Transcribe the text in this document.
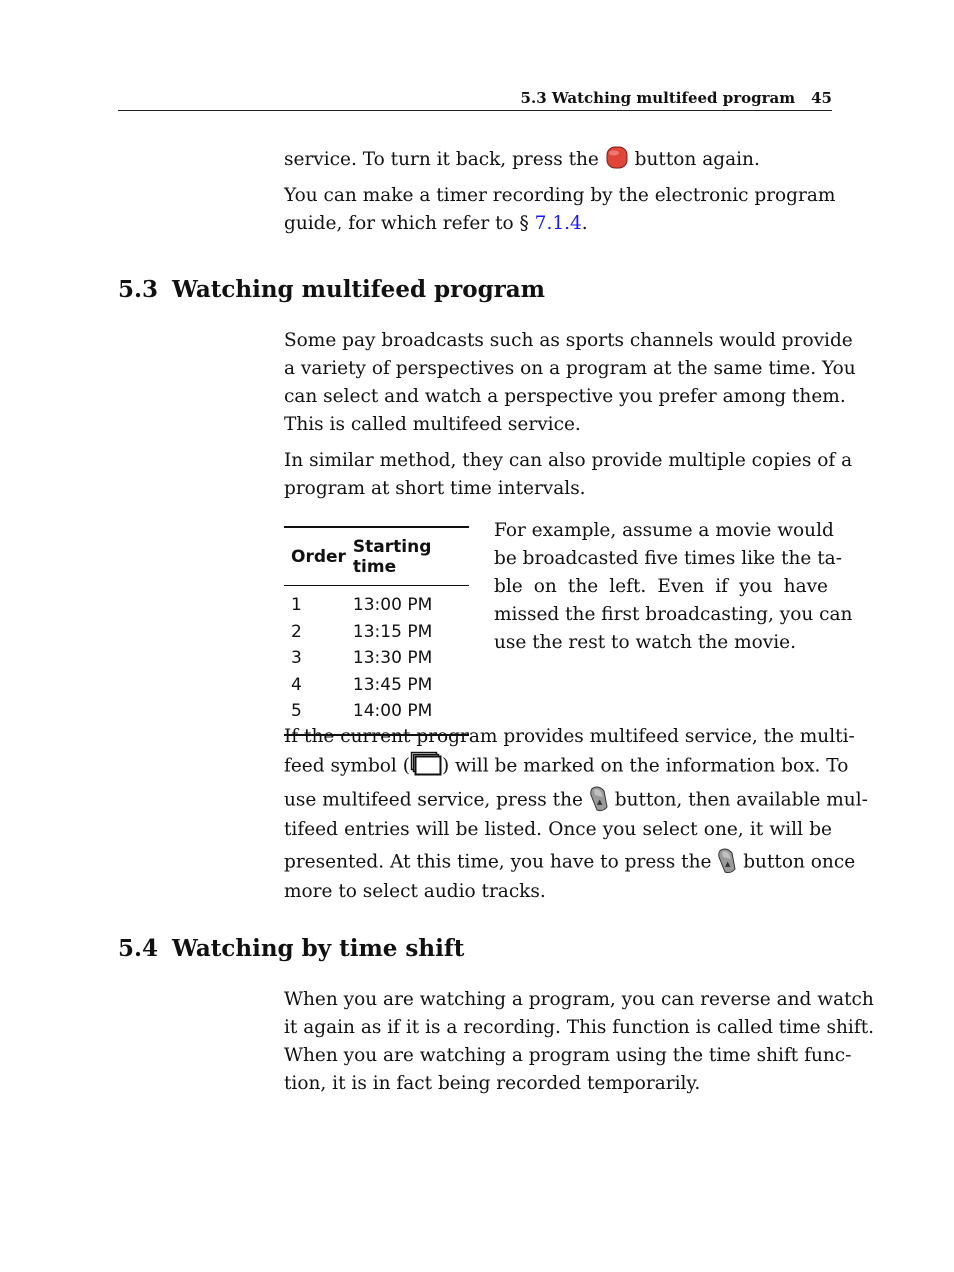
5.3 Watching multifeed program 45
service. To turn it back, press the button again.
You can make a timer recording by the electronic program
guide, for which refer to § 7.1.4.
5.3 Watching multifeed program
Some pay broadcasts such as sports channels would provide
a variety of perspectives on a program at the same time. You
can select and watch a perspective you prefer among them.
This is called multifeed service.
In similar method, they can also provide multiple copies of a
program at short time intervals.
Order	Starting time
1	13:00 PM
2	13:15 PM
3	13:30 PM
4	13:45 PM
5	14:00 PM
For example, assume a movie would
be broadcasted five times like the ta-
ble on the left. Even if you have
missed the first broadcasting, you can
use the rest to watch the movie.
If the current program provides multifeed service, the multi-
feed symbol ( ) will be marked on the information box. To
use multifeed service, press the ▲ button, then available mul-
tifeed entries will be listed. Once you select one, it will be
presented. At this time, you have to press the ▲ button once
more to select audio tracks.
5.4 Watching by time shift
When you are watching a program, you can reverse and watch
it again as if it is a recording. This function is called time shift.
When you are watching a program using the time shift func-
tion, it is in fact being recorded temporarily.
